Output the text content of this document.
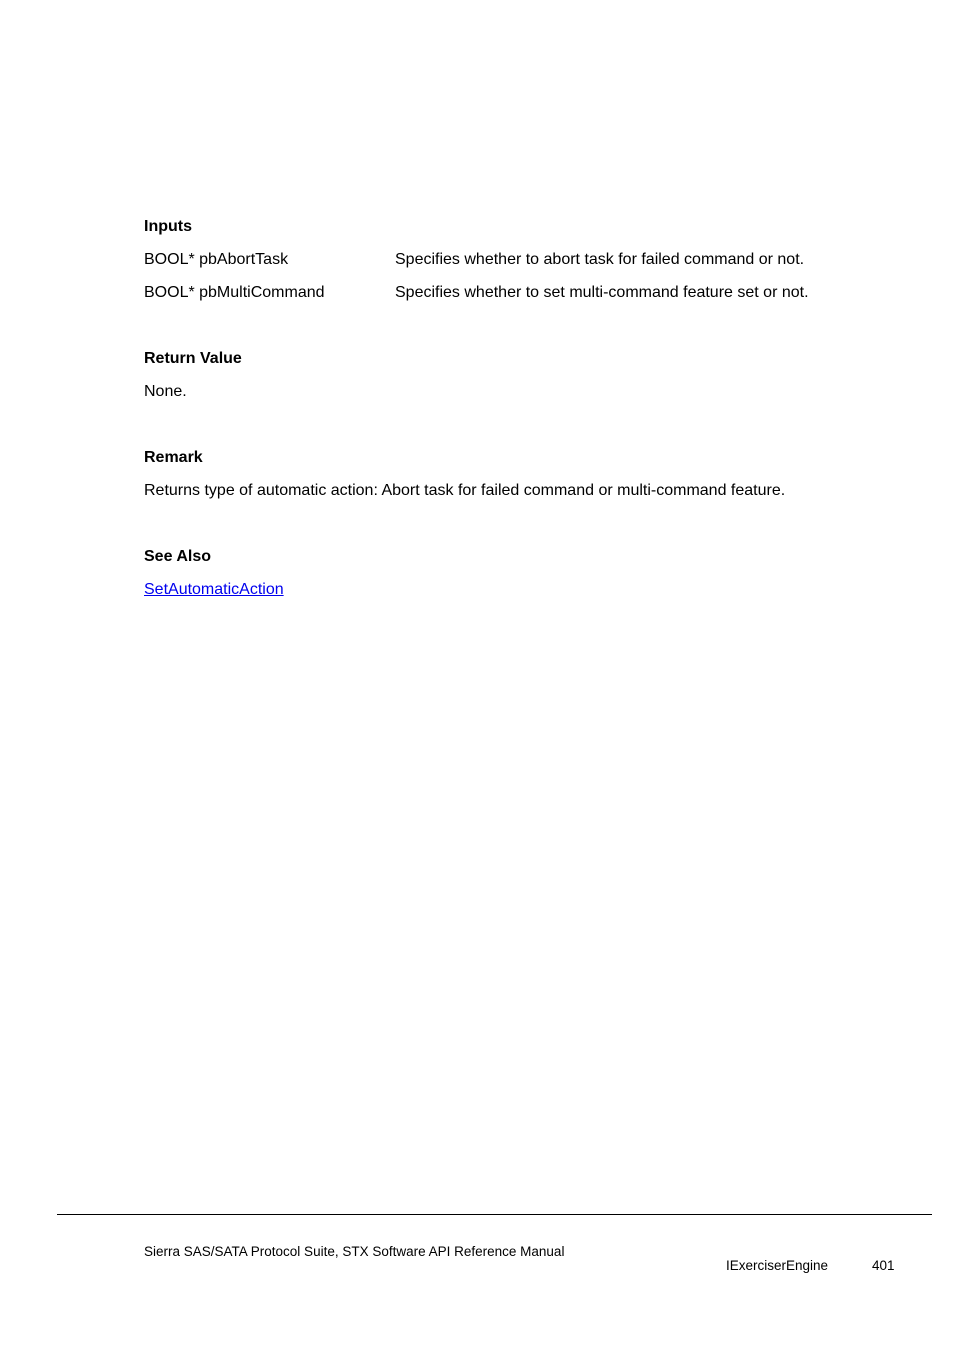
Inputs
BOOL* pbAbortTask	Specifies whether to abort task for failed command or not.
BOOL* pbMultiCommand	Specifies whether to set multi-command feature set or not.
Return Value
None.
Remark
Returns type of automatic action: Abort task for failed command or multi-command feature.
See Also
SetAutomaticAction
Sierra SAS/SATA Protocol Suite, STX Software API Reference Manual
IExerciserEngine	401
